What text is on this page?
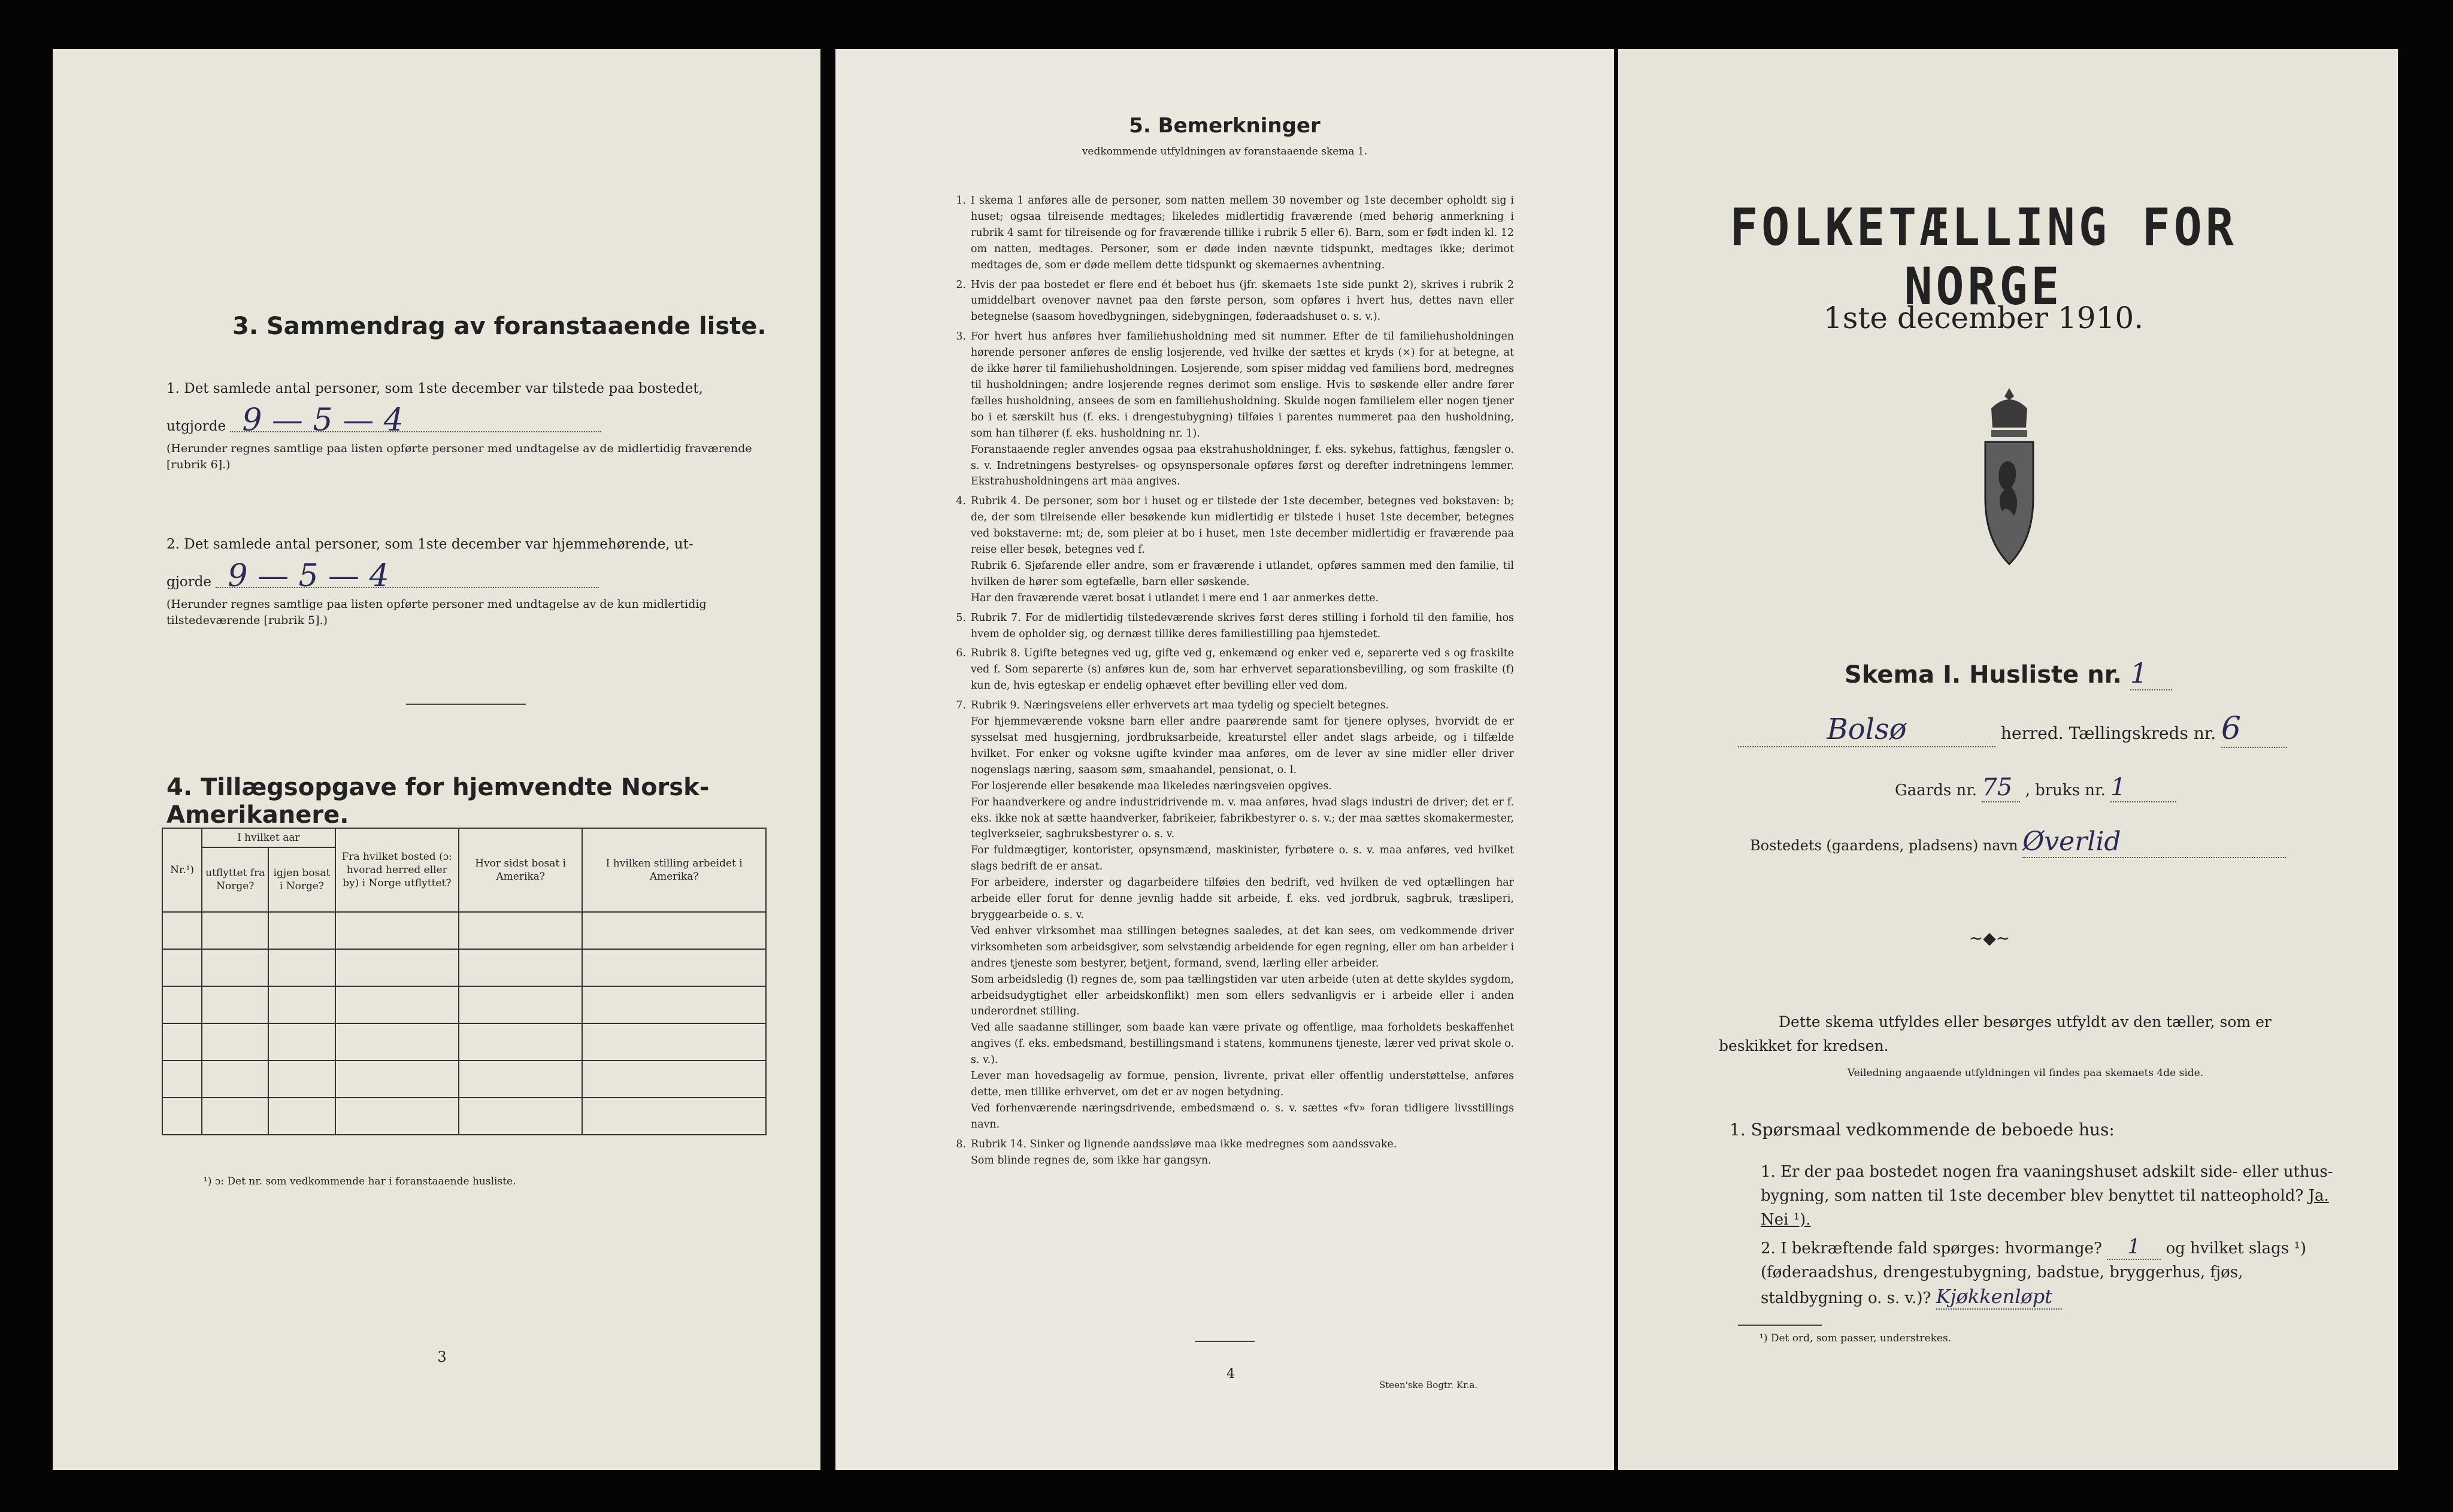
3. Sammendrag av foranstaaende liste.
1. Det samlede antal personer, som 1ste december var tilstede paa bostedet,
utgjorde 9 — 5 — 4
(Herunder regnes samtlige paa listen opførte personer med undtagelse av de midlertidig fraværende [rubrik 6].)
2. Det samlede antal personer, som 1ste december var hjemmehørende, ut-
gjorde 9 — 5 — 4
(Herunder regnes samtlige paa listen opførte personer med undtagelse av de kun midlertidig tilstedeværende [rubrik 5].)
4. Tillægsopgave for hjemvendte Norsk-Amerikanere.
Nr.¹)	I hvilket aar		Fra hvilket bosted (ɔ: hvorad herred eller by) i Norge utflyttet?	Hvor sidst bosat i Amerika?	I hvilken stilling arbeidet i Amerika?
	utflyttet fra Norge?	igjen bosat i Norge?			

¹) ɔ: Det nr. som vedkommende har i foranstaaende husliste.
3
5. Bemerkninger
vedkommende utfyldningen av foranstaaende skema 1.
1. I skema 1 anføres alle de personer, som natten mellem 30 november og 1ste december opholdt sig i huset; ogsaa tilreisende medtages; likeledes midlertidig fraværende (med behørig anmerkning i rubrik 4 samt for tilreisende og for fraværende tillike i rubrik 5 eller 6). Barn, som er født inden kl. 12 om natten, medtages. Personer, som er døde inden nævnte tidspunkt, medtages ikke; derimot medtages de, som er døde mellem dette tidspunkt og skemaernes avhentning.
2. Hvis der paa bostedet er flere end ét beboet hus (jfr. skemaets 1ste side punkt 2), skrives i rubrik 2 umiddelbart ovenover navnet paa den første person, som opføres i hvert hus, dettes navn eller betegnelse (saasom hovedbygningen, sidebygningen, føderaadshuset o. s. v.).
3. For hvert hus anføres hver familiehusholdning med sit nummer. Efter de til familiehusholdningen hørende personer anføres de enslig losjerende, ved hvilke der sættes et kryds (×) for at betegne, at de ikke hører til familiehusholdningen. Losjerende, som spiser middag ved familiens bord, medregnes til husholdningen; andre losjerende regnes derimot som enslige. Hvis to søskende eller andre fører fælles husholdning, ansees de som en familiehusholdning. Skulde nogen familielem eller nogen tjener bo i et særskilt hus (f. eks. i drengestubygning) tilføies i parentes nummeret paa den husholdning, som han tilhører (f. eks. husholdning nr. 1).
Foranstaaende regler anvendes ogsaa paa ekstrahusholdninger, f. eks. sykehus, fattighus, fængsler o. s. v. Indretningens bestyrelses- og opsynspersonale opføres først og derefter indretningens lemmer. Ekstrahusholdningens art maa angives.
4. Rubrik 4. De personer, som bor i huset og er tilstede der 1ste december, betegnes ved bokstaven: b; de, der som tilreisende eller besøkende kun midlertidig er tilstede i huset 1ste december, betegnes ved bokstaverne: mt; de, som pleier at bo i huset, men 1ste december midlertidig er fraværende paa reise eller besøk, betegnes ved f.
Rubrik 6. Sjøfarende eller andre, som er fraværende i utlandet, opføres sammen med den familie, til hvilken de hører som egtefælle, barn eller søskende.
Har den fraværende været bosat i utlandet i mere end 1 aar anmerkes dette.
5. Rubrik 7. For de midlertidig tilstedeværende skrives først deres stilling i forhold til den familie, hos hvem de opholder sig, og dernæst tillike deres familiestilling paa hjemstedet.
6. Rubrik 8. Ugifte betegnes ved ug, gifte ved g, enkemænd og enker ved e, separerte ved s og fraskilte ved f. Som separerte (s) anføres kun de, som har erhvervet separationsbevilling, og som fraskilte (f) kun de, hvis egteskap er endelig ophævet efter bevilling eller ved dom.
7. Rubrik 9. Næringsveiens eller erhvervets art maa tydelig og specielt betegnes.
For hjemmeværende voksne barn eller andre paarørende samt for tjenere oplyses, hvorvidt de er sysselsat med husgjerning, jordbruksarbeide, kreaturstel eller andet slags arbeide, og i tilfælde hvilket. For enker og voksne ugifte kvinder maa anføres, om de lever av sine midler eller driver nogenslags næring, saasom søm, smaahandel, pensionat, o. l.
For losjerende eller besøkende maa likeledes næringsveien opgives.
For haandverkere og andre industridrivende m. v. maa anføres, hvad slags industri de driver; det er f. eks. ikke nok at sætte haandverker, fabrikeier, fabrikbestyrer o. s. v.; der maa sættes skomakermester, teglverkseier, sagbruksbestyrer o. s. v.
For fuldmægtiger, kontorister, opsynsmænd, maskinister, fyrbøtere o. s. v. maa anføres, ved hvilket slags bedrift de er ansat.
For arbeidere, inderster og dagarbeidere tilføies den bedrift, ved hvilken de ved optællingen har arbeide eller forut for denne jevnlig hadde sit arbeide, f. eks. ved jordbruk, sagbruk, træsliperi, bryggearbeide o. s. v.
Ved enhver virksomhet maa stillingen betegnes saaledes, at det kan sees, om vedkommende driver virksomheten som arbeidsgiver, som selvstændig arbeidende for egen regning, eller om han arbeider i andres tjeneste som bestyrer, betjent, formand, svend, lærling eller arbeider.
Som arbeidsledig (l) regnes de, som paa tællingstiden var uten arbeide (uten at dette skyldes sygdom, arbeidsudygtighet eller arbeidskonflikt) men som ellers sedvanligvis er i arbeide eller i anden underordnet stilling.
Ved alle saadanne stillinger, som baade kan være private og offentlige, maa forholdets beskaffenhet angives (f. eks. embedsmand, bestillingsmand i statens, kommunens tjeneste, lærer ved privat skole o. s. v.).
Lever man hovedsagelig av formue, pension, livrente, privat eller offentlig understøttelse, anføres dette, men tillike erhvervet, om det er av nogen betydning.
Ved forhenværende næringsdrivende, embedsmænd o. s. v. sættes «fv» foran tidligere livsstillings navn.
8. Rubrik 14. Sinker og lignende aandssløve maa ikke medregnes som aandssvake.
Som blinde regnes de, som ikke har gangsyn.
4
Steen'ske Bogtr. Kr.a.
FOLKETÆLLING FOR NORGE
1ste december 1910.
Skema I. Husliste nr. 1
Bolsø	herred. Tællingskreds nr. 6
Gaards nr. 75 , bruks nr. 1
Bostedets (gaardens, pladsens) navn Øverlid
~◆~
Dette skema utfyldes eller besørges utfyldt av den tæller, som er beskikket for kredsen.
Veiledning angaaende utfyldningen vil findes paa skemaets 4de side.
1. Spørsmaal vedkommende de beboede hus:
1. Er der paa bostedet nogen fra vaaningshuset adskilt side- eller uthus-bygning, som natten til 1ste december blev benyttet til natteophold? Ja. Nei ¹).
2. I bekræftende fald spørges: hvormange? 1 og hvilket slags ¹) (føderaadshus, drengestubygning, badstue, bryggerhus, fjøs, staldbygning o. s. v.)? Kjøkkenløpt
¹) Det ord, som passer, understrekes.
